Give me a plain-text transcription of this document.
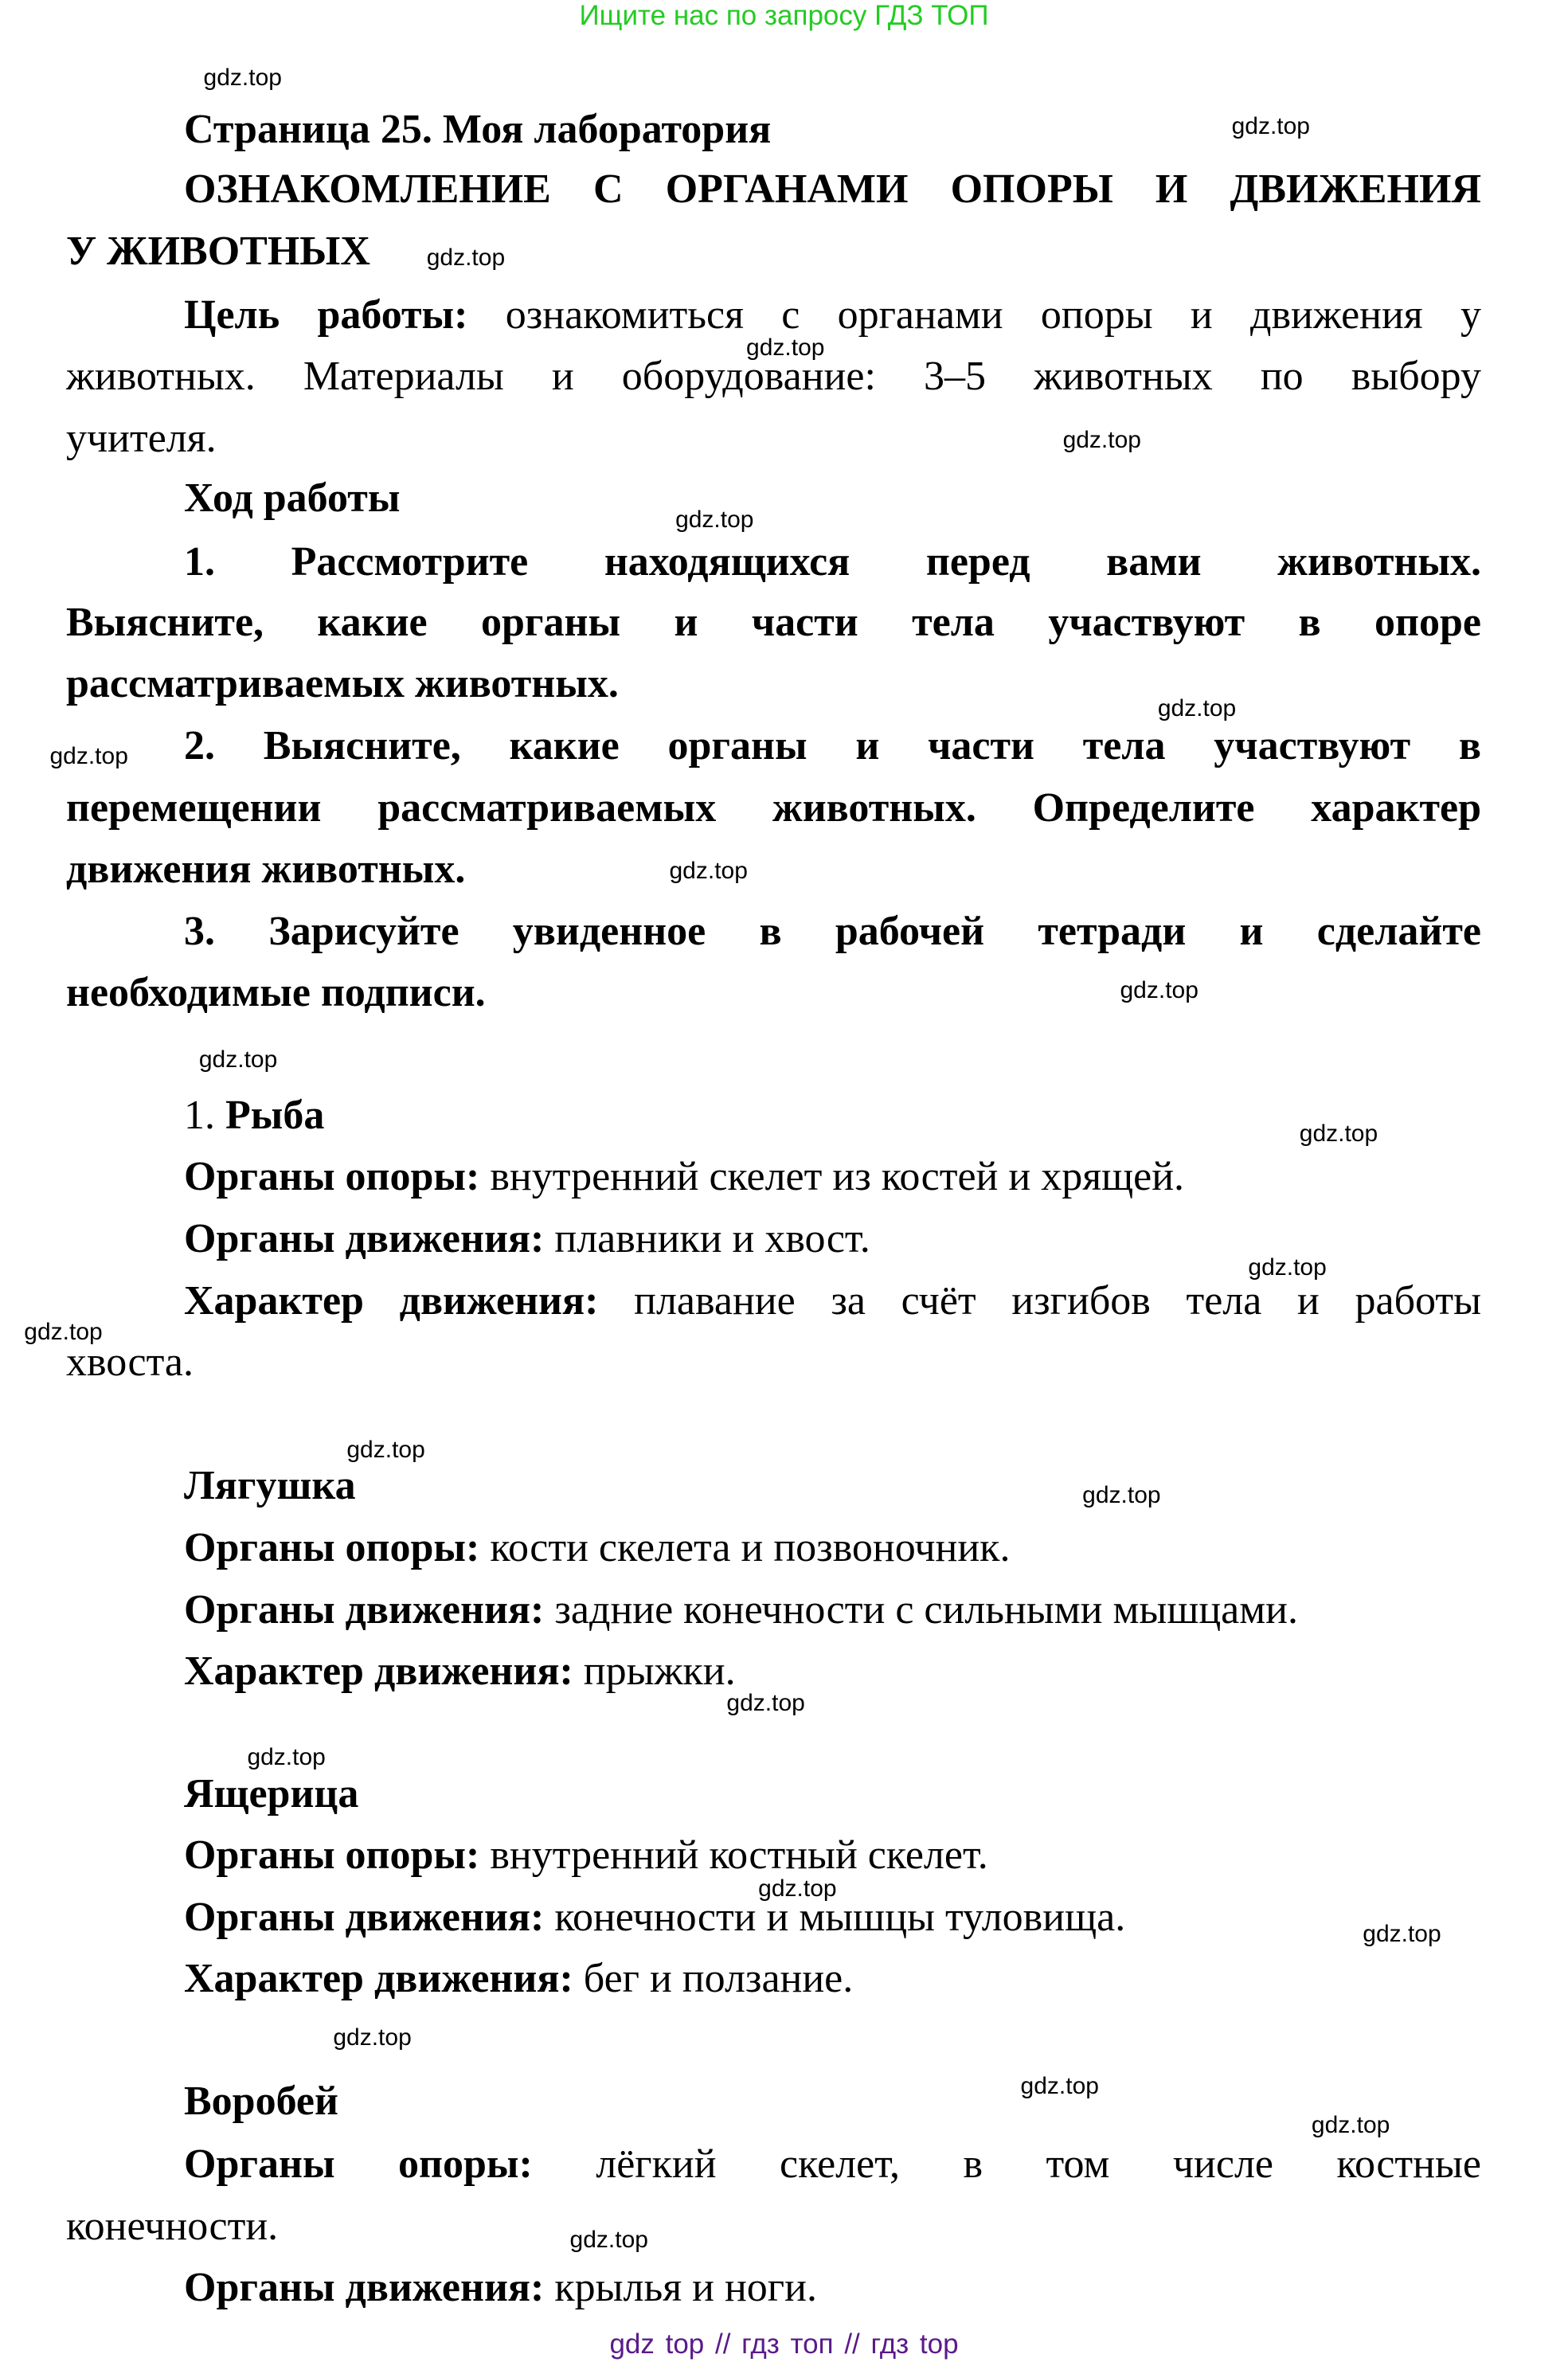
Ищите нас по запросу ГДЗ ТОП
Страница 25. Моя лаборатория
ОЗНАКОМЛЕНИЕ С ОРГАНАМИ ОПОРЫ И ДВИЖЕНИЯ
У ЖИВОТНЫХ
Цель работы: ознакомиться с органами опоры и движения у
животных. Материалы и оборудование: 3–5 животных по выбору
учителя.
Ход работы
1. Рассмотрите находящихся перед вами животных.
Выясните, какие органы и части тела участвуют в опоре
рассматриваемых животных.
2. Выясните, какие органы и части тела участвуют в
перемещении рассматриваемых животных. Определите характер
движения животных.
3. Зарисуйте увиденное в рабочей тетради и сделайте
необходимые подписи.
1. Рыба
Органы опоры: внутренний скелет из костей и хрящей.
Органы движения: плавники и хвост.
Характер движения: плавание за счёт изгибов тела и работы
хвоста.
Лягушка
Органы опоры: кости скелета и позвоночник.
Органы движения: задние конечности с сильными мышцами.
Характер движения: прыжки.
Ящерица
Органы опоры: внутренний костный скелет.
Органы движения: конечности и мышцы туловища.
Характер движения: бег и ползание.
Воробей
Органы опоры: лёгкий скелет, в том числе костные
конечности.
Органы движения: крылья и ноги.
gdz.top
gdz.top
gdz.top
gdz.top
gdz.top
gdz.top
gdz.top
gdz.top
gdz.top
gdz.top
gdz.top
gdz.top
gdz.top
gdz.top
gdz.top
gdz.top
gdz.top
gdz.top
gdz.top
gdz.top
gdz.top
gdz.top
gdz.top
gdz.top
gdz top // гдз топ // гдз top
